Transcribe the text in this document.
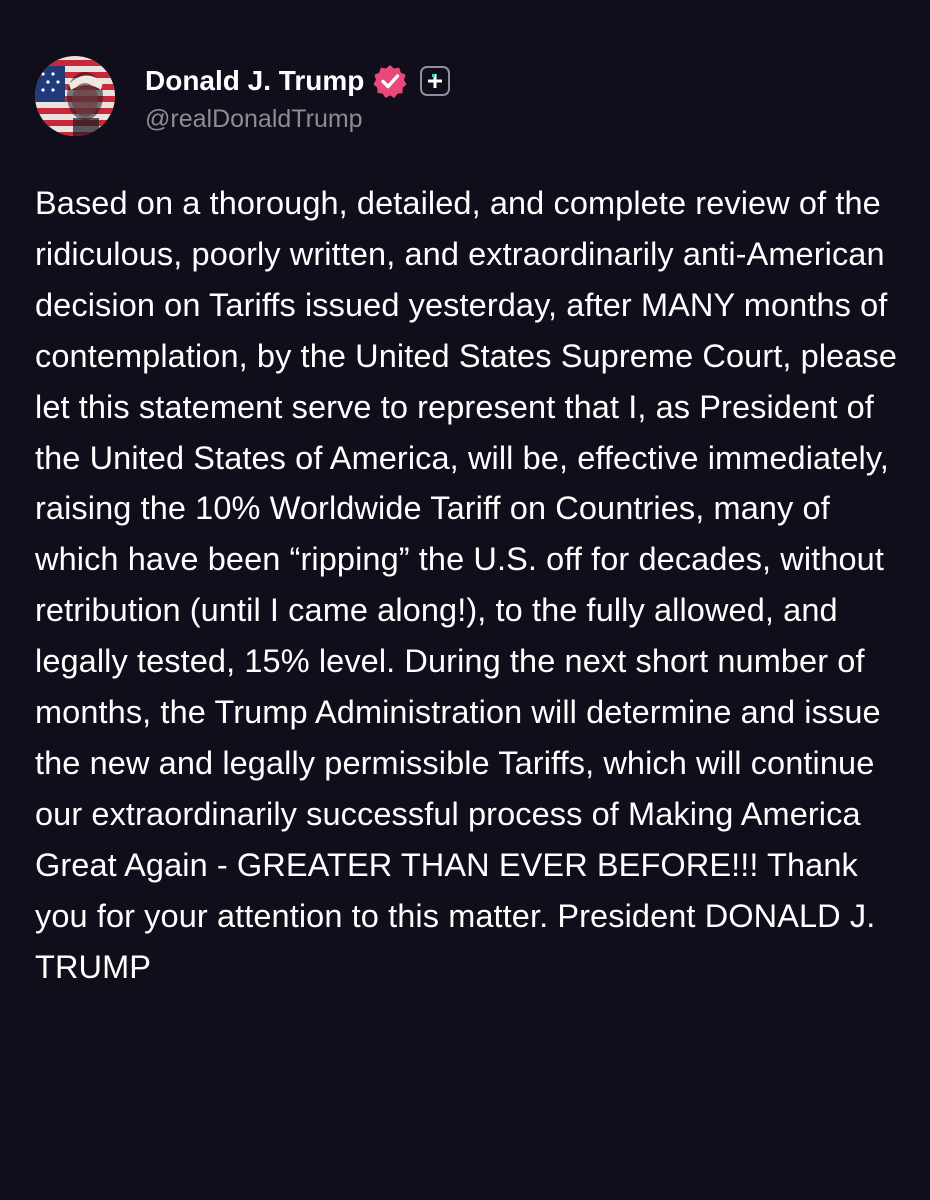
Donald J. Trump
@realDonaldTrump
Based on a thorough, detailed, and complete review of the ridiculous, poorly written, and extraordinarily anti-American decision on Tariffs issued yesterday, after MANY months of contemplation, by the United States Supreme Court, please let this statement serve to represent that I, as President of the United States of America, will be, effective immediately, raising the 10% Worldwide Tariff on Countries, many of which have been “ripping” the U.S. off for decades, without retribution (until I came along!), to the fully allowed, and legally tested, 15% level. During the next short number of months, the Trump Administration will determine and issue the new and legally permissible Tariffs, which will continue our extraordinarily successful process of Making America Great Again - GREATER THAN EVER BEFORE!!! Thank you for your attention to this matter. President DONALD J. TRUMP
